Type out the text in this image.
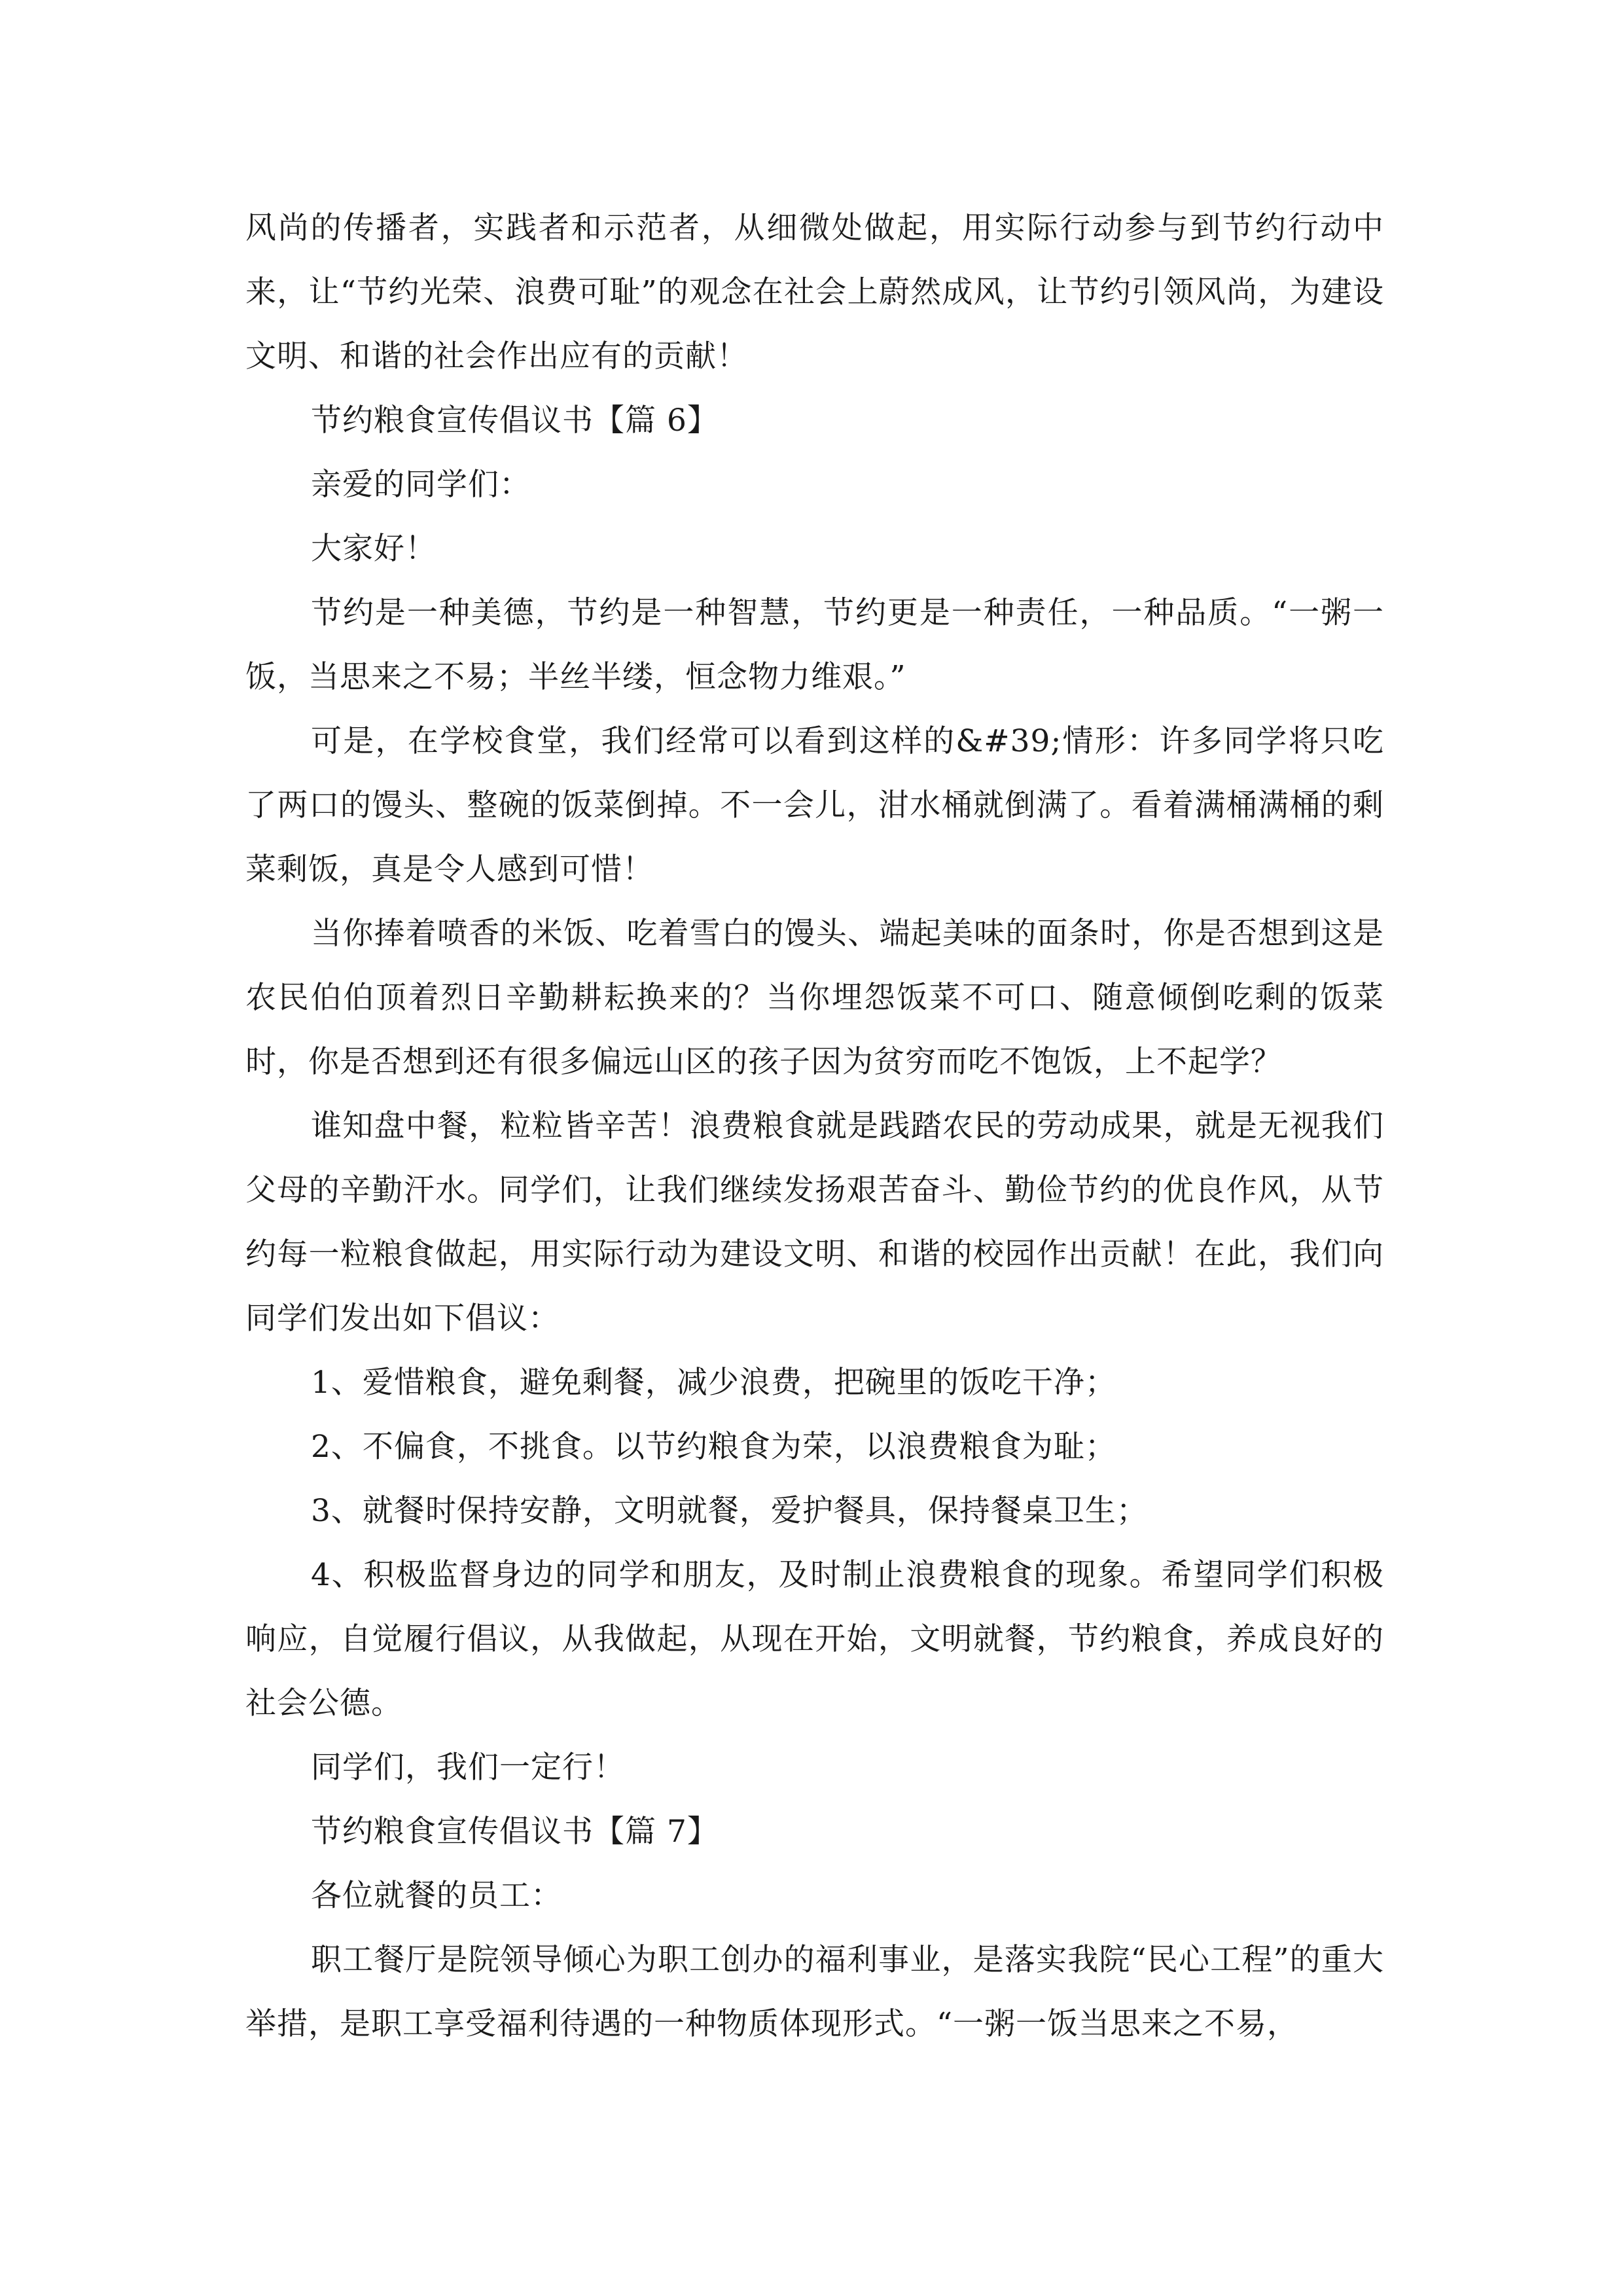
风尚的传播者，实践者和示范者，从细微处做起，用实际行动参与到节约行动中来，让“节约光荣、浪费可耻”的观念在社会上蔚然成风，让节约引领风尚，为建设文明、和谐的社会作出应有的贡献！

节约粮食宣传倡议书【篇 6】

亲爱的同学们：

大家好！

节约是一种美德，节约是一种智慧，节约更是一种责任，一种品质。“一粥一饭，当思来之不易；半丝半缕，恒念物力维艰。”

可是，在学校食堂，我们经常可以看到这样的&#39;情形：许多同学将只吃了两口的馒头、整碗的饭菜倒掉。不一会儿，泔水桶就倒满了。看着满桶满桶的剩菜剩饭，真是令人感到可惜！

当你捧着喷香的米饭、吃着雪白的馒头、端起美味的面条时，你是否想到这是农民伯伯顶着烈日辛勤耕耘换来的？当你埋怨饭菜不可口、随意倾倒吃剩的饭菜时，你是否想到还有很多偏远山区的孩子因为贫穷而吃不饱饭，上不起学？

谁知盘中餐，粒粒皆辛苦！浪费粮食就是践踏农民的劳动成果，就是无视我们父母的辛勤汗水。同学们，让我们继续发扬艰苦奋斗、勤俭节约的优良作风，从节约每一粒粮食做起，用实际行动为建设文明、和谐的校园作出贡献！在此，我们向同学们发出如下倡议：

1、爱惜粮食，避免剩餐，减少浪费，把碗里的饭吃干净；

2、不偏食，不挑食。以节约粮食为荣，以浪费粮食为耻；

3、就餐时保持安静，文明就餐，爱护餐具，保持餐桌卫生；

4、积极监督身边的同学和朋友，及时制止浪费粮食的现象。希望同学们积极响应，自觉履行倡议，从我做起，从现在开始，文明就餐，节约粮食，养成良好的社会公德。

同学们，我们一定行！

节约粮食宣传倡议书【篇 7】

各位就餐的员工：

职工餐厅是院领导倾心为职工创办的福利事业，是落实我院“民心工程”的重大举措，是职工享受福利待遇的一种物质体现形式。“一粥一饭当思来之不易，
